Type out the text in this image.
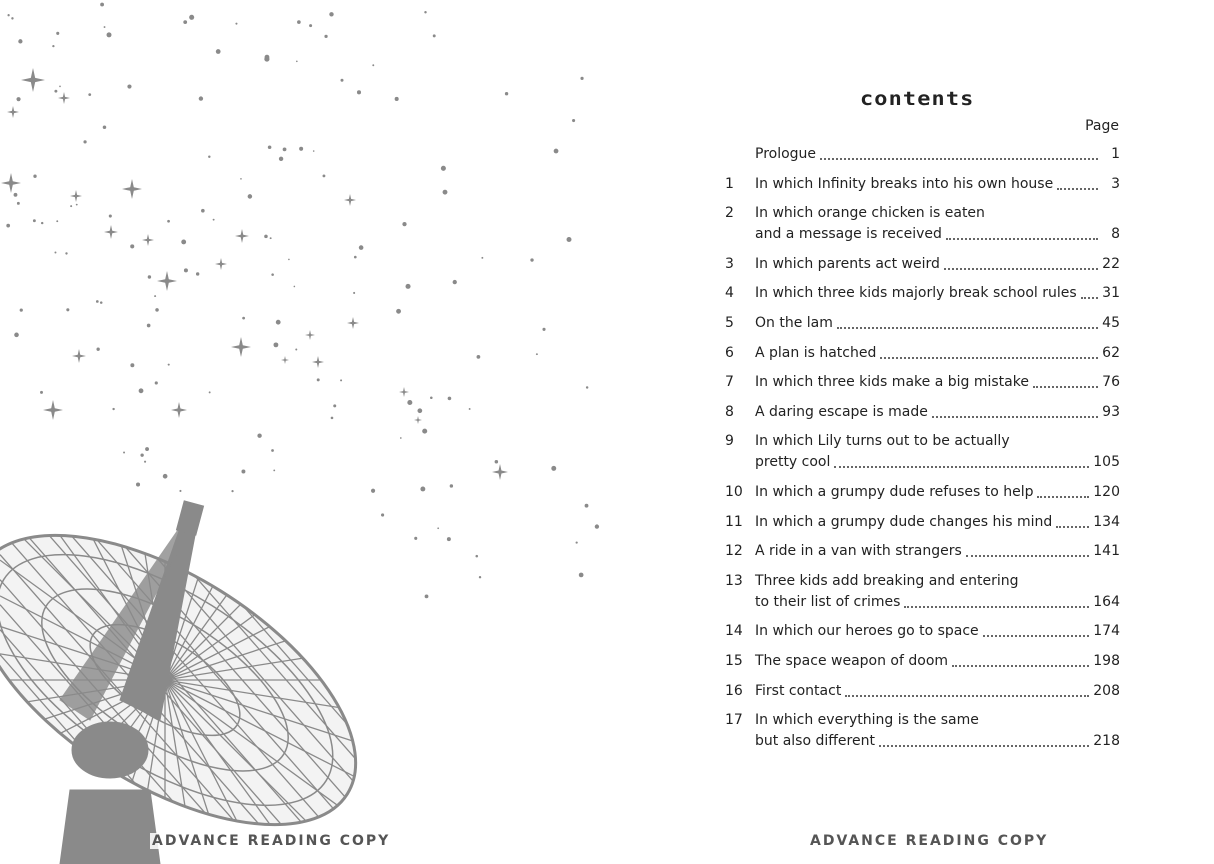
ADVANCE READING COPY
contents
Page
Prologue	1
1	In which Infinity breaks into his own house	3
2	In which orange chicken is eaten
and a message is received	8
3	In which parents act weird	22
4	In which three kids majorly break school rules 31
5	On the lam	45
6	A plan is hatched	62
7	In which three kids make a big mistake	76
8	A daring escape is made	93
9	In which Lily turns out to be actually
pretty cool	105
10 In which a grumpy dude refuses to help	120
11 In which a grumpy dude changes his mind	134
12 A ride in a van with strangers	141
13 Three kids add breaking and entering
to their list of crimes	164
14 In which our heroes go to space	174
15 The space weapon of doom	198
16 First contact	208
17 In which everything is the same
but also different	218
ADVANCE READING COPY
